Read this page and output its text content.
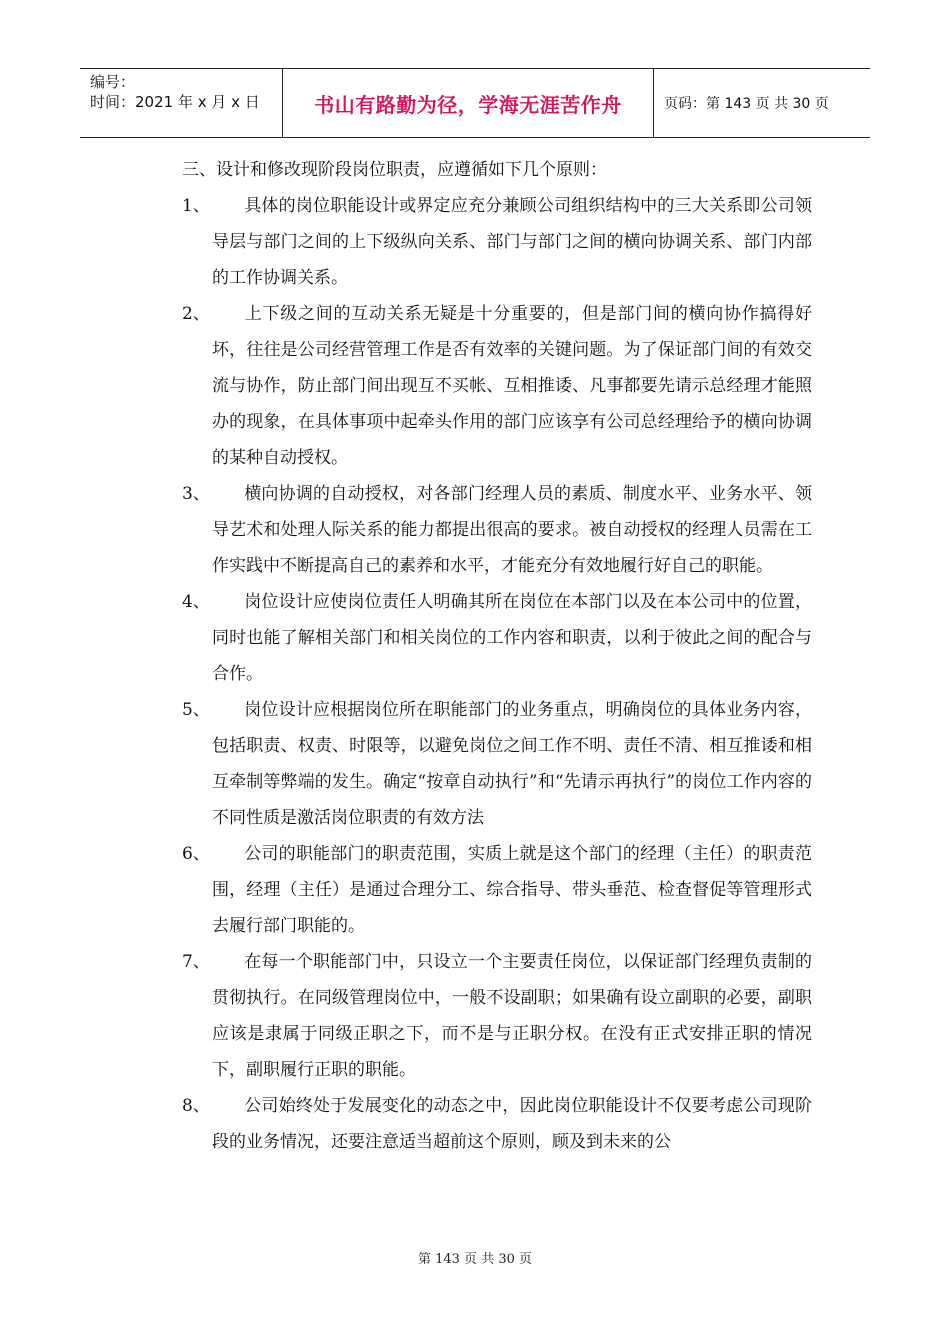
编号：
时间：2021 年 x 月 x 日	书山有路勤为径，学海无涯苦作舟	页码：第 143 页 共 30 页

三、设计和修改现阶段岗位职责，应遵循如下几个原则：

1、	具体的岗位职能设计或界定应充分兼顾公司组织结构中的三大关系即公司领导层与部门之间的上下级纵向关系、部门与部门之间的横向协调关系、部门内部的工作协调关系。
2、	上下级之间的互动关系无疑是十分重要的，但是部门间的横向协作搞得好坏，往往是公司经营管理工作是否有效率的关键问题。为了保证部门间的有效交流与协作，防止部门间出现互不买帐、互相推诿、凡事都要先请示总经理才能照办的现象，在具体事项中起牵头作用的部门应该享有公司总经理给予的横向协调的某种自动授权。
3、	横向协调的自动授权，对各部门经理人员的素质、制度水平、业务水平、领导艺术和处理人际关系的能力都提出很高的要求。被自动授权的经理人员需在工作实践中不断提高自己的素养和水平，才能充分有效地履行好自己的职能。
4、	岗位设计应使岗位责任人明确其所在岗位在本部门以及在本公司中的位置，同时也能了解相关部门和相关岗位的工作内容和职责，以利于彼此之间的配合与合作。
5、	岗位设计应根据岗位所在职能部门的业务重点，明确岗位的具体业务内容，包括职责、权责、时限等，以避免岗位之间工作不明、责任不清、相互推诿和相互牵制等弊端的发生。确定“按章自动执行”和“先请示再执行”的岗位工作内容的不同性质是激活岗位职责的有效方法
6、	公司的职能部门的职责范围，实质上就是这个部门的经理（主任）的职责范围，经理（主任）是通过合理分工、综合指导、带头垂范、检查督促等管理形式去履行部门职能的。
7、	在每一个职能部门中，只设立一个主要责任岗位，以保证部门经理负责制的贯彻执行。在同级管理岗位中，一般不设副职；如果确有设立副职的必要，副职应该是隶属于同级正职之下，而不是与正职分权。在没有正式安排正职的情况下，副职履行正职的职能。
8、	公司始终处于发展变化的动态之中，因此岗位职能设计不仅要考虑公司现阶段的业务情况，还要注意适当超前这个原则，顾及到未来的公
第 143 页 共 30 页
